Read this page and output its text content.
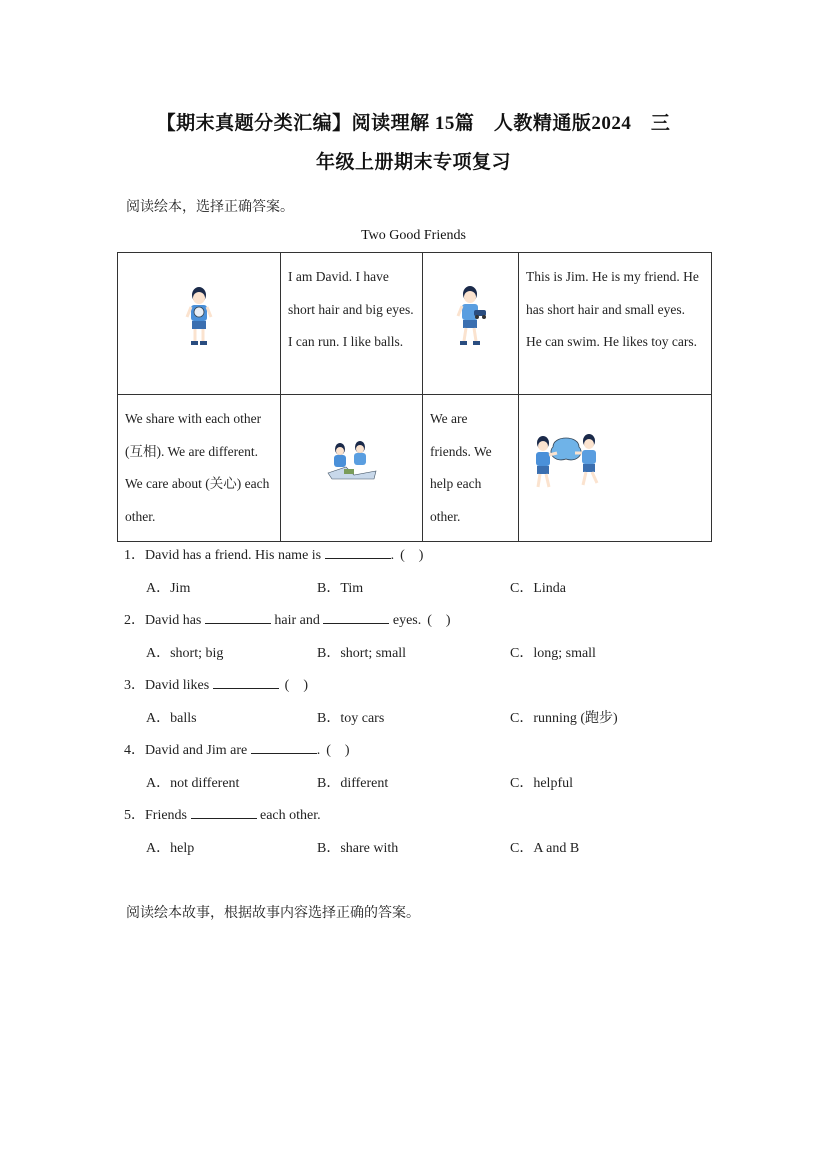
【期末真题分类汇编】阅读理解 15篇　人教精通版2024　三
年级上册期末专项复习
阅读绘本，选择正确答案。
Two Good Friends
	I am David. I have short hair and big eyes. I can run. I like balls.		This is Jim. He is my friend. He has short hair and small eyes. He can swim. He likes toy cars.
We share with each other (互相). We are different. We care about (关心) each other.		We are friends. We help each other.	
1．David has a friend. His name is	. (　)
A．Jim	B．Tim	C．Linda
2．David has	hair and	eyes. (　)
A．short; big	B．short; small	C．long; small
3．David likes	(　)
A．balls	B．toy cars	C．running (跑步)
4．David and Jim are	. (　)
A．not different	B．different	C．helpful
5．Friends	each other.
A．help	B．share with	C．A and B
阅读绘本故事，根据故事内容选择正确的答案。
